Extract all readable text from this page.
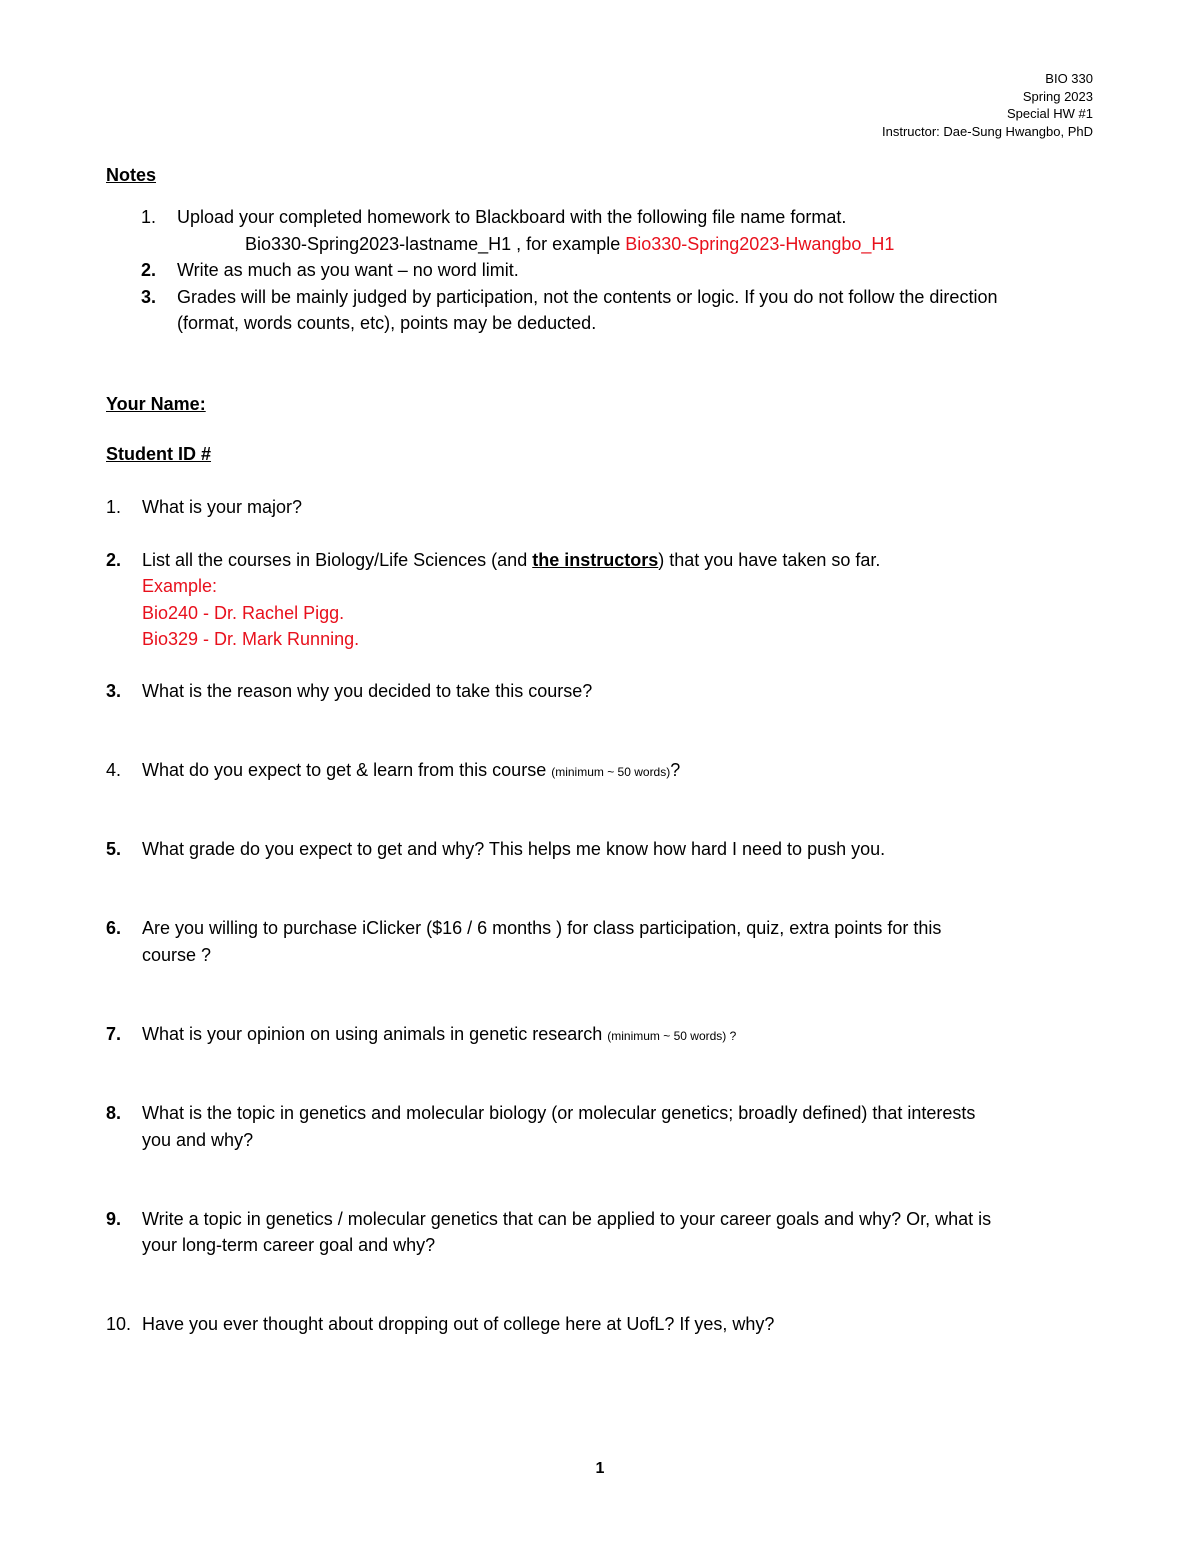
BIO 330
Spring 2023
Special HW #1
Instructor: Dae-Sung Hwangbo, PhD
Notes
1. Upload your completed homework to Blackboard with the following file name format.
Bio330-Spring2023-lastname_H1 , for example Bio330-Spring2023-Hwangbo_H1
2. Write as much as you want – no word limit.
3. Grades will be mainly judged by participation, not the contents or logic. If you do not follow the direction
(format, words counts, etc), points may be deducted.
Your Name:
Student ID #
1. What is your major?
2. List all the courses in Biology/Life Sciences (and the instructors) that you have taken so far.
Example:
Bio240 - Dr. Rachel Pigg.
Bio329 - Dr. Mark Running.
3. What is the reason why you decided to take this course?
4. What do you expect to get & learn from this course (minimum ~ 50 words)?
5. What grade do you expect to get and why? This helps me know how hard I need to push you.
6. Are you willing to purchase iClicker ($16 / 6 months ) for class participation, quiz, extra points for this
course ?
7. What is your opinion on using animals in genetic research (minimum ~ 50 words) ?
8. What is the topic in genetics and molecular biology (or molecular genetics; broadly defined) that interests
you and why?
9. Write a topic in genetics / molecular genetics that can be applied to your career goals and why? Or, what is
your long-term career goal and why?
10. Have you ever thought about dropping out of college here at UofL? If yes, why?
1
